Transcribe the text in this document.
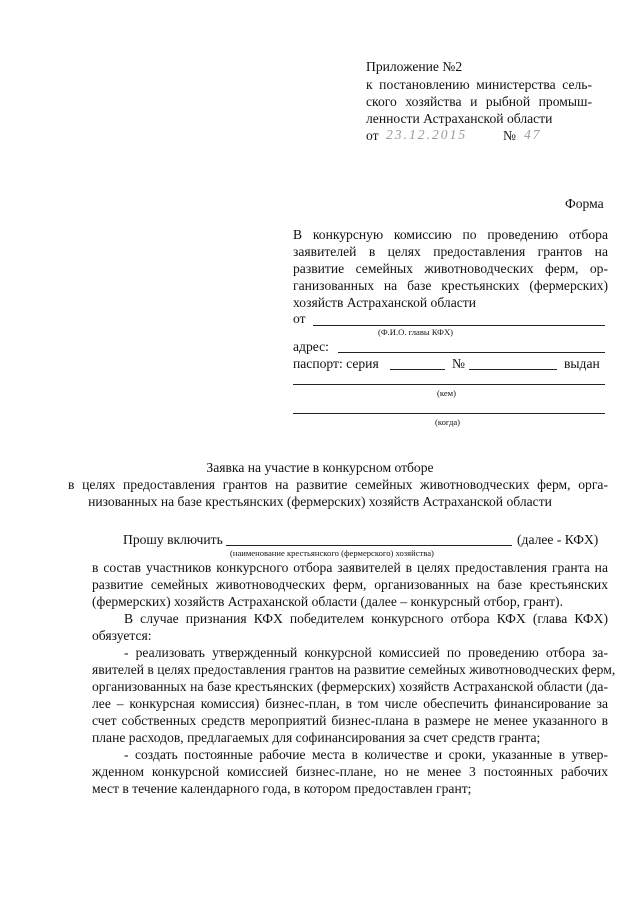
Приложение №2
к постановлению министерства сель-
ского хозяйства и рыбной промыш-
ленности Астраханской области
от 23.12.2015	№ 47
Форма
В конкурсную комиссию по проведению отбора
заявителей в целях предоставления грантов на
развитие семейных животноводческих ферм, ор-
ганизованных на базе крестьянских (фермерских)
хозяйств Астраханской области
от
(Ф.И.О. главы КФХ)
адрес:
паспорт: серия	№	выдан
(кем)
(когда)
Заявка на участие в конкурсном отборе
в целях предоставления грантов на развитие семейных животноводческих ферм, орга-
низованных на базе крестьянских (фермерских) хозяйств Астраханской области
Прошу включить	(далее - КФХ)
(наименование крестьянского (фермерского) хозяйства)
в состав участников конкурсного отбора заявителей в целях предоставления гранта на
развитие семейных животноводческих ферм, организованных на базе крестьянских
(фермерских) хозяйств Астраханской области (далее – конкурсный отбор, грант).
В случае признания КФХ победителем конкурсного отбора КФХ (глава КФХ)
обязуется:
- реализовать утвержденный конкурсной комиссией по проведению отбора за-
явителей в целях предоставления грантов на развитие семейных животноводческих ферм,
организованных на базе крестьянских (фермерских) хозяйств Астраханской области (да-
лее – конкурсная комиссия) бизнес-план, в том числе обеспечить финансирование за
счет собственных средств мероприятий бизнес-плана в размере не менее указанного в
плане расходов, предлагаемых для софинансирования за счет средств гранта;
- создать постоянные рабочие места в количестве и сроки, указанные в утвер-
жденном конкурсной комиссией бизнес-плане, но не менее 3 постоянных рабочих
мест в течение календарного года, в котором предоставлен грант;
